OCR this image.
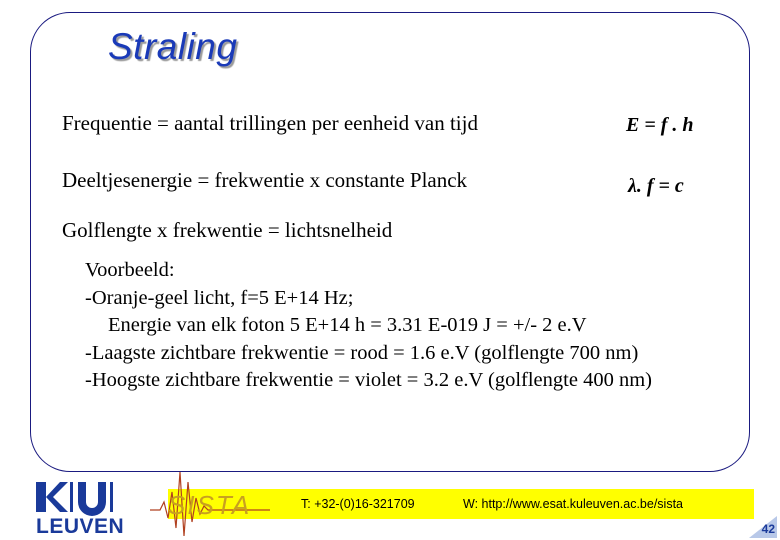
Straling
Frequentie = aantal trillingen per eenheid van tijd
Deeltjesenergie = frekwentie x constante Planck
Golflengte x frekwentie = lichtsnelheid
E = f . h
λ. f = c
Voorbeeld:
-Oranje-geel licht, f=5 E+14 Hz;
Energie van elk foton 5 E+14 h = 3.31 E-019 J = +/- 2 e.V
-Laagste zichtbare frekwentie = rood = 1.6 e.V (golflengte 700 nm)
-Hoogste zichtbare frekwentie = violet = 3.2 e.V (golflengte 400 nm)
LEUVEN
SISTA	T: +32-(0)16-321709	W: http://www.esat.kuleuven.ac.be/sista
42
